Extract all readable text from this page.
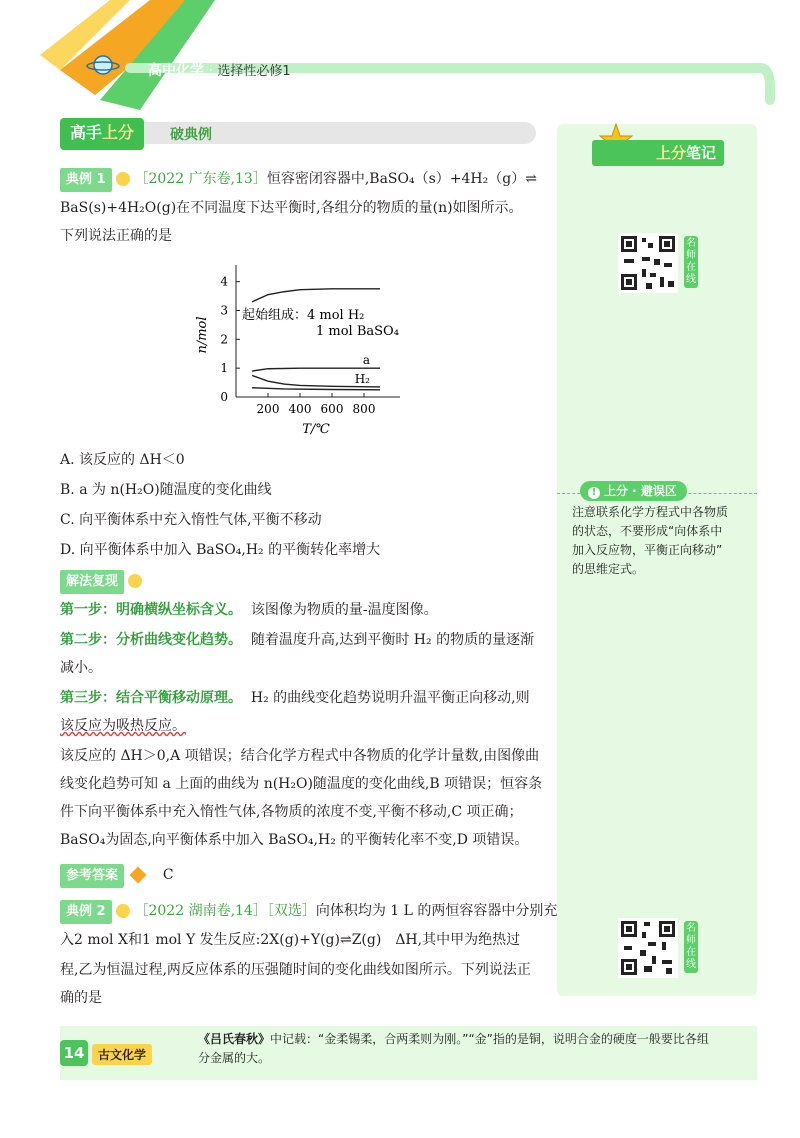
高中化学 · 选择性必修1
高手上分	破典例
上分笔记
名师在线
! 上分 · 避误区
注意联系化学方程式中各物质
的状态，不要形成“向体系中
加入反应物，平衡正向移动”
的思维定式。
名师在线
典例 1 ［2022 广东卷,13］恒容密闭容器中,BaSO₄（s）+4H₂（g）⇌
BaS(s)+4H₂O(g)在不同温度下达平衡时,各组分的物质的量(n)如图所示。
下列说法正确的是
200 400 600 800
0
1
2
3
4
T/℃
n/mol
a
H₂
起始组成：4 mol H₂
1 mol BaSO₄
A. 该反应的 ΔH＜0
B. a 为 n(H₂O)随温度的变化曲线
C. 向平衡体系中充入惰性气体,平衡不移动
D. 向平衡体系中加入 BaSO₄,H₂ 的平衡转化率增大
解法复现
第一步：明确横纵坐标含义。 该图像为物质的量-温度图像。
第二步：分析曲线变化趋势。 随着温度升高,达到平衡时 H₂ 的物质的量逐渐
减小。
第三步：结合平衡移动原理。 H₂ 的曲线变化趋势说明升温平衡正向移动,则
该反应为吸热反应。
该反应的 ΔH＞0,A 项错误；结合化学方程式中各物质的化学计量数,由图像曲
线变化趋势可知 a 上面的曲线为 n(H₂O)随温度的变化曲线,B 项错误；恒容条
件下向平衡体系中充入惰性气体,各物质的浓度不变,平衡不移动,C 项正确；
BaSO₄为固态,向平衡体系中加入 BaSO₄,H₂ 的平衡转化率不变,D 项错误。
参考答案	C
典例 2 ［2022 湖南卷,14］［双选］向体积均为 1 L 的两恒容容器中分别充
入2 mol X和1 mol Y 发生反应:2X(g)+Y(g)⇌Z(g)　ΔH,其中甲为绝热过
程,乙为恒温过程,两反应体系的压强随时间的变化曲线如图所示。下列说法正
确的是
14	古文化学
《吕氏春秋》中记载：“金柔锡柔，合两柔则为刚。”“金”指的是铜，说明合金的硬度一般要比各组
分金属的大。
